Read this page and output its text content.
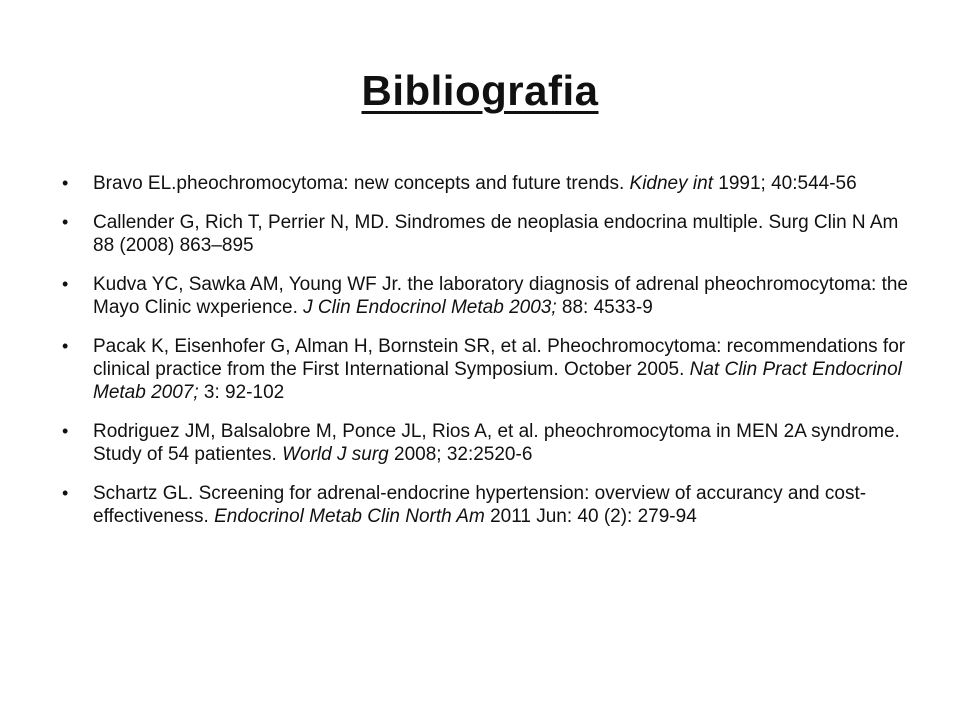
Bibliografia
• Bravo EL.pheochromocytoma: new concepts and future trends. Kidney int 1991; 40:544-56
• Callender G, Rich T, Perrier N, MD. Sindromes de neoplasia endocrina multiple. Surg Clin N Am 88 (2008) 863–895
• Kudva YC, Sawka AM, Young WF Jr. the laboratory diagnosis of adrenal pheochromocytoma: the Mayo Clinic wxperience. J Clin Endocrinol Metab 2003; 88: 4533-9
• Pacak K, Eisenhofer G, Alman H, Bornstein SR, et al. Pheochromocytoma: recommendations for clinical practice from the First International Symposium. October 2005. Nat Clin Pract Endocrinol Metab 2007; 3: 92-102
• Rodriguez JM, Balsalobre M, Ponce JL, Rios A, et al. pheochromocytoma in MEN 2A syndrome. Study of 54 patientes. World J surg 2008; 32:2520-6
• Schartz GL. Screening for adrenal-endocrine hypertension: overview of accurancy and cost-effectiveness. Endocrinol Metab Clin North Am 2011 Jun: 40 (2): 279-94
